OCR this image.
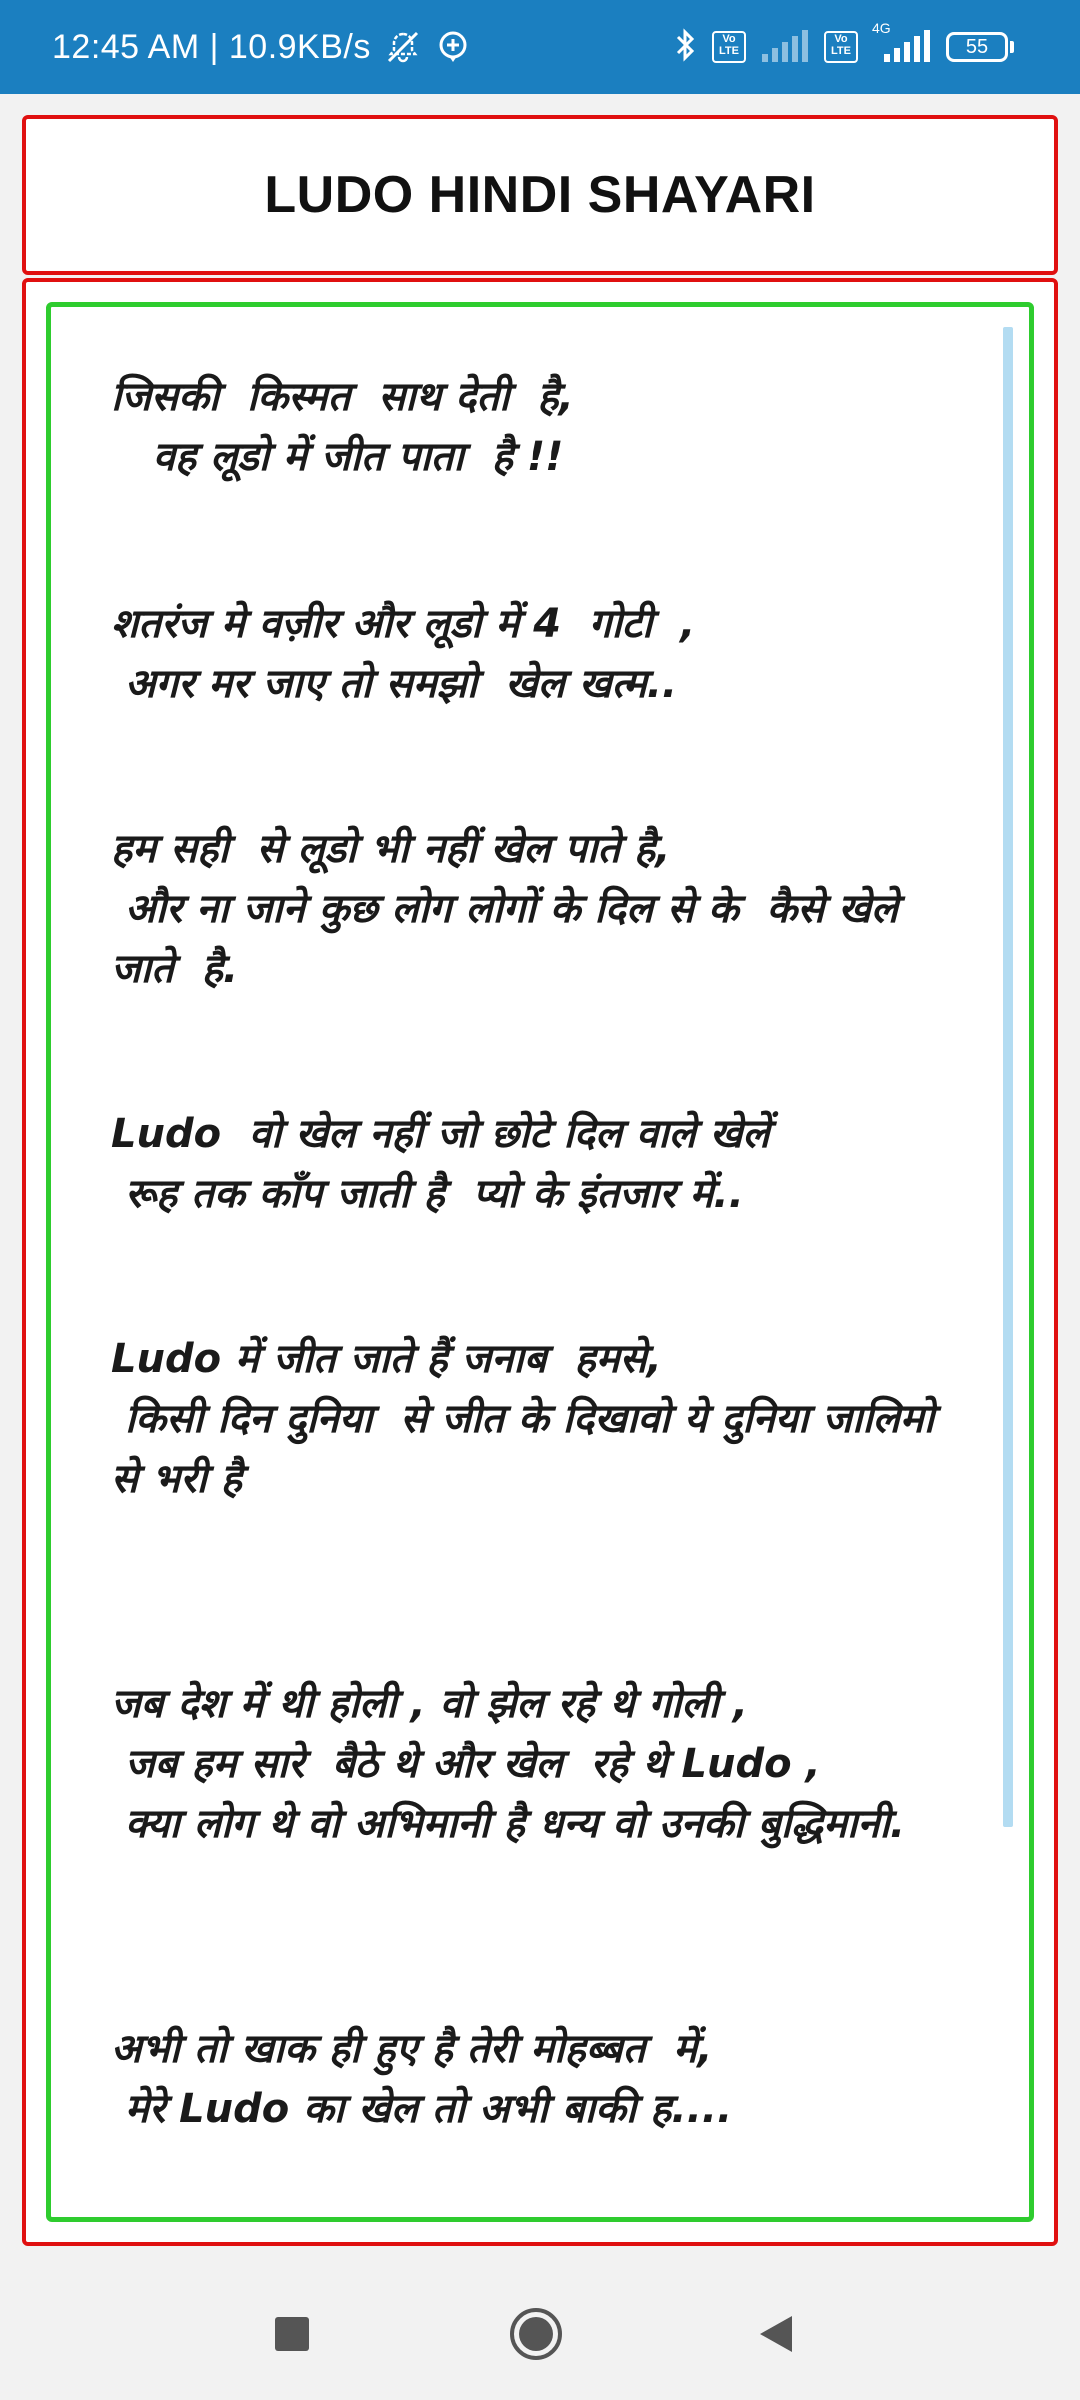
12:45 AM | 10.9KB/s	Vo LTE
Vo LTE
4G
55
LUDO HINDI SHAYARI

जिसकी  किस्मत  साथ देती  है,
वह लूडो में जीत पाता  है !!

शतरंज मे वज़ीर और लूडो में 4  गोटी  ,
अगर मर जाए तो समझो  खेल खत्म..

हम सही  से लूडो भी नहीं खेल पाते है,
और ना जाने कुछ लोग लोगों के दिल से के  कैसे खेले जाते  है.

Ludo  वो खेल नहीं जो छोटे दिल वाले खेलें
रूह तक काँप जाती है  प्यो के इंतजार में..

Ludo में जीत जाते हैं जनाब  हमसे,
किसी दिन दुनिया  से जीत के दिखावो ये दुनिया जालिमो  से भरी है

जब देश में थी होली , वो झेल रहे थे गोली ,
जब हम सारे  बैठे थे और खेल  रहे थे Ludo ,
क्या लोग थे वो अभिमानी है धन्य वो उनकी बुद्धिमानी.

अभी तो खाक ही हुए है तेरी मोहब्बत  में,
मेरे Ludo का खेल तो अभी बाकी ह....
